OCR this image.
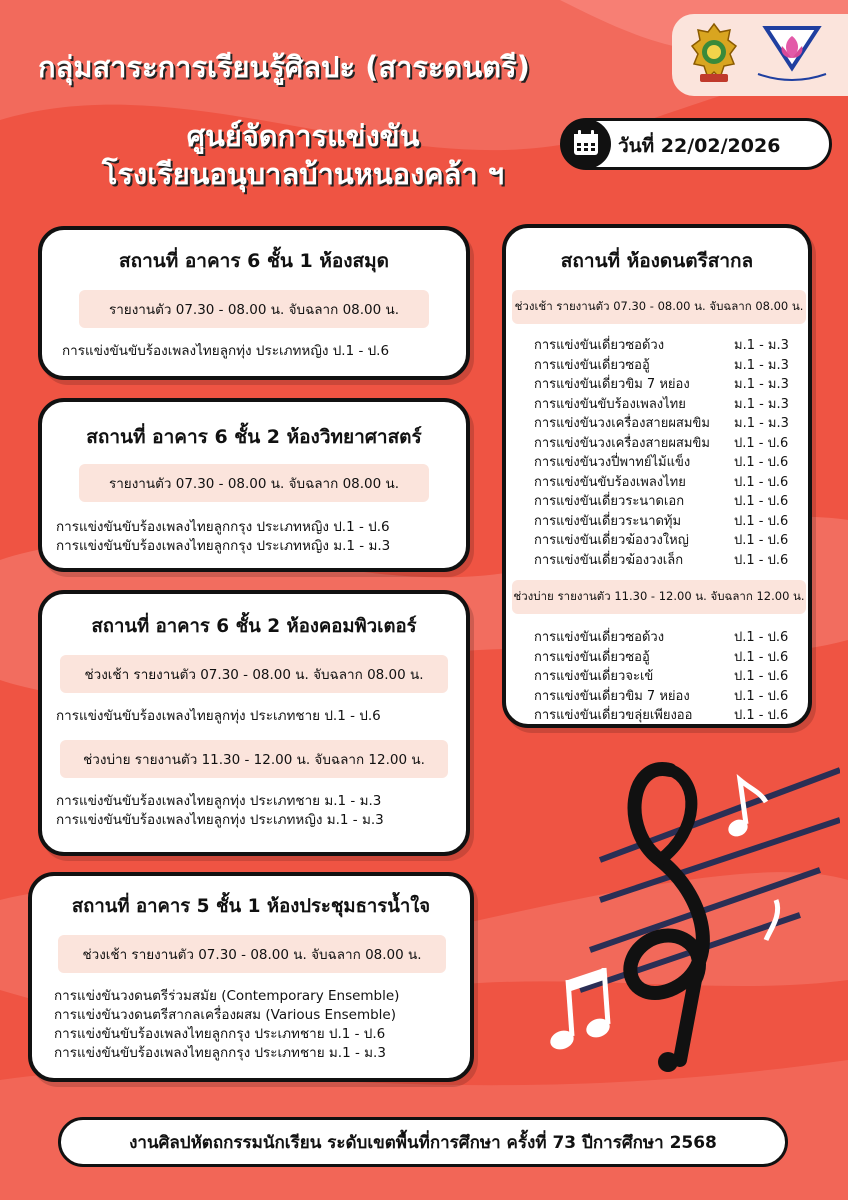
กลุ่มสาระการเรียนรู้ศิลปะ (สาระดนตรี)
ศูนย์จัดการแข่งขัน
โรงเรียนอนุบาลบ้านหนองคล้า ฯ
วันที่ 22/02/2026
สถานที่ อาคาร 6 ชั้น 1 ห้องสมุด
รายงานตัว 07.30 - 08.00 น. จับฉลาก 08.00 น.
การแข่งขันขับร้องเพลงไทยลูกทุ่ง ประเภทหญิง ป.1 - ป.6
สถานที่ อาคาร 6 ชั้น 2 ห้องวิทยาศาสตร์
รายงานตัว 07.30 - 08.00 น. จับฉลาก 08.00 น.
การแข่งขันขับร้องเพลงไทยลูกกรุง ประเภทหญิง ป.1 - ป.6
การแข่งขันขับร้องเพลงไทยลูกกรุง ประเภทหญิง ม.1 - ม.3
สถานที่ อาคาร 6 ชั้น 2 ห้องคอมพิวเตอร์
ช่วงเช้า รายงานตัว 07.30 - 08.00 น. จับฉลาก 08.00 น.
การแข่งขันขับร้องเพลงไทยลูกทุ่ง ประเภทชาย ป.1 - ป.6
ช่วงบ่าย รายงานตัว 11.30 - 12.00 น. จับฉลาก 12.00 น.
การแข่งขันขับร้องเพลงไทยลูกทุ่ง ประเภทชาย ม.1 - ม.3
การแข่งขันขับร้องเพลงไทยลูกทุ่ง ประเภทหญิง ม.1 - ม.3
สถานที่ อาคาร 5 ชั้น 1 ห้องประชุมธารน้ำใจ
ช่วงเช้า รายงานตัว 07.30 - 08.00 น. จับฉลาก 08.00 น.
การแข่งขันวงดนตรีร่วมสมัย (Contemporary Ensemble)
การแข่งขันวงดนตรีสากลเครื่องผสม (Various Ensemble)
การแข่งขันขับร้องเพลงไทยลูกกรุง ประเภทชาย ป.1 - ป.6
การแข่งขันขับร้องเพลงไทยลูกกรุง ประเภทชาย ม.1 - ม.3
สถานที่ ห้องดนตรีสากล
ช่วงเช้า รายงานตัว 07.30 - 08.00 น. จับฉลาก 08.00 น.
การแข่งขันเดี่ยวซอด้วง	ม.1 - ม.3
การแข่งขันเดี่ยวซออู้	ม.1 - ม.3
การแข่งขันเดี่ยวขิม 7 หย่อง	ม.1 - ม.3
การแข่งขันขับร้องเพลงไทย	ม.1 - ม.3
การแข่งขันวงเครื่องสายผสมขิม	ม.1 - ม.3
การแข่งขันวงเครื่องสายผสมขิม	ป.1 - ป.6
การแข่งขันวงปี่พาทย์ไม้แข็ง	ป.1 - ป.6
การแข่งขันขับร้องเพลงไทย	ป.1 - ป.6
การแข่งขันเดี่ยวระนาดเอก	ป.1 - ป.6
การแข่งขันเดี่ยวระนาดทุ้ม	ป.1 - ป.6
การแข่งขันเดี่ยวฆ้องวงใหญ่	ป.1 - ป.6
การแข่งขันเดี่ยวฆ้องวงเล็ก	ป.1 - ป.6
ช่วงบ่าย รายงานตัว 11.30 - 12.00 น. จับฉลาก 12.00 น.
การแข่งขันเดี่ยวซอด้วง	ป.1 - ป.6
การแข่งขันเดี่ยวซออู้	ป.1 - ป.6
การแข่งขันเดี่ยวจะเข้	ป.1 - ป.6
การแข่งขันเดี่ยวขิม 7 หย่อง	ป.1 - ป.6
การแข่งขันเดี่ยวขลุ่ยเพียงออ	ป.1 - ป.6
งานศิลปหัตถกรรมนักเรียน ระดับเขตพื้นที่การศึกษา ครั้งที่ 73 ปีการศึกษา 2568
